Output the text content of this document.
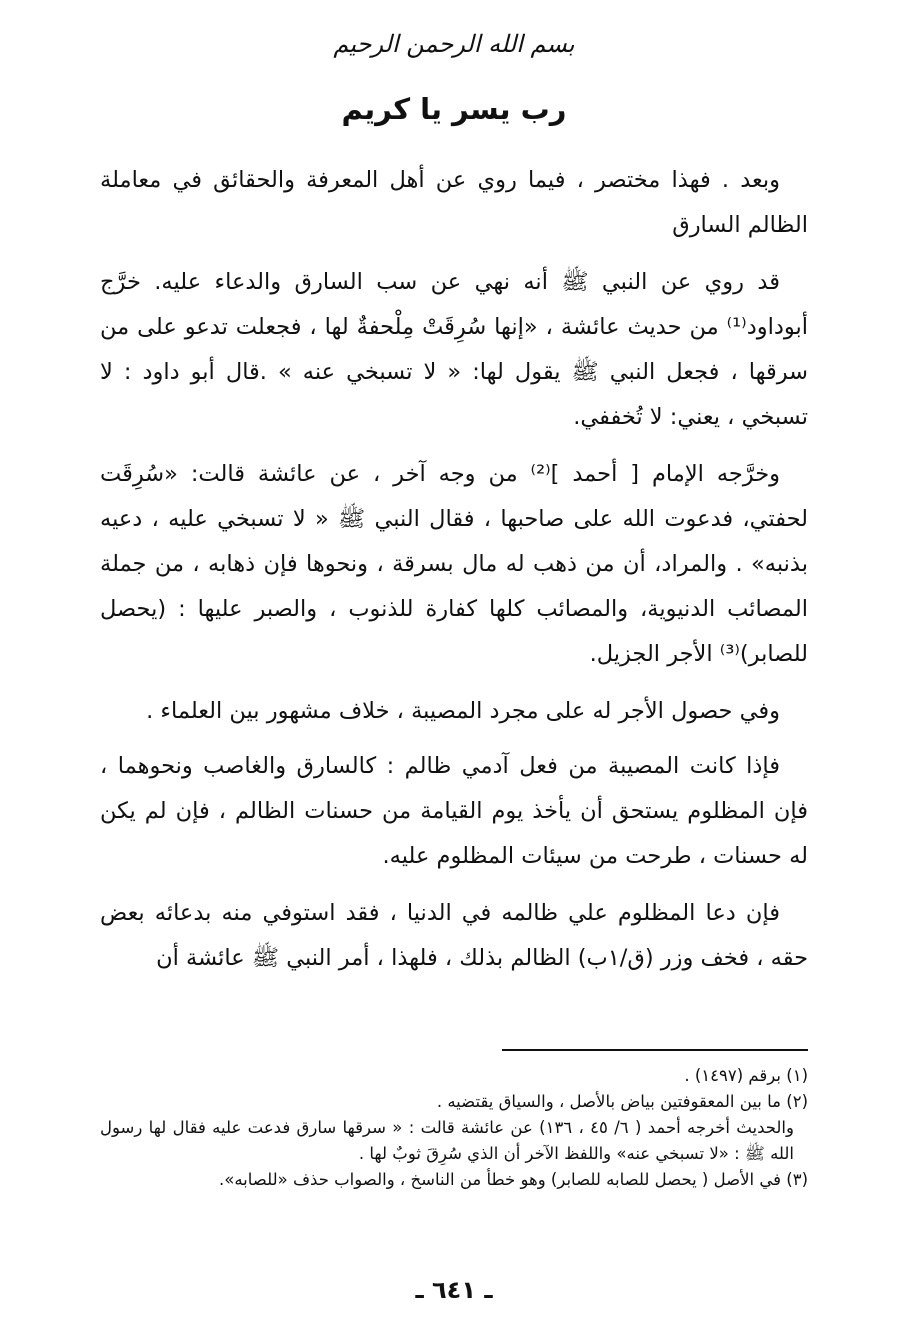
بسم الله الرحمن الرحيم
رب يسر يا كريم

وبعد . فهذا مختصر ، فيما روي عن أهل المعرفة والحقائق في معاملة الظالم السارق

قد روي عن النبي ﷺ أنه نهي عن سب السارق والدعاء عليه. خرَّج أبوداود⁽¹⁾ من حديث عائشة ، «إنها سُرِقَتْ مِلْحفةٌ لها ، فجعلت تدعو على من سرقها ، فجعل النبي ﷺ يقول لها: « لا تسبخي عنه » .قال أبو داود : لا تسبخي ، يعني: لا تُخففي.

وخرَّجه الإمام [ أحمد ]⁽²⁾ من وجه آخر ، عن عائشة قالت: «سُرِقَت لحفتي، فدعوت الله على صاحبها ، فقال النبي ﷺ « لا تسبخي عليه ، دعيه بذنبه» . والمراد، أن من ذهب له مال بسرقة ، ونحوها فإن ذهابه ، من جملة المصائب الدنيوية، والمصائب كلها كفارة للذنوب ، والصبر عليها : (يحصل للصابر)⁽³⁾ الأجر الجزيل.

وفي حصول الأجر له على مجرد المصيبة ، خلاف مشهور بين العلماء .

فإذا كانت المصيبة من فعل آدمي ظالم : كالسارق والغاصب ونحوهما ، فإن المظلوم يستحق أن يأخذ يوم القيامة من حسنات الظالم ، فإن لم يكن له حسنات ، طرحت من سيئات المظلوم عليه.

فإن دعا المظلوم علي ظالمه في الدنيا ، فقد استوفي منه بدعائه بعض حقه ، فخف وزر (ق/١ب) الظالم بذلك ، فلهذا ، أمر النبي ﷺ عائشة أن

(١) برقم (١٤٩٧) .

(٢) ما بين المعقوفتين بياض بالأصل ، والسياق يقتضيه .

والحديث أخرجه أحمد ( ٦/ ٤٥ ، ١٣٦) عن عائشة قالت : « سرقها سارق فدعت عليه فقال لها رسول الله ﷺ : «لا تسبخي عنه» واللفظ الآخر أن الذي سُرِقَ ثوبٌ لها .

(٣) في الأصل ( يحصل للصابه للصابر) وهو خطأ من الناسخ ، والصواب حذف «للصابه».

ـ ٦٤١ ـ
